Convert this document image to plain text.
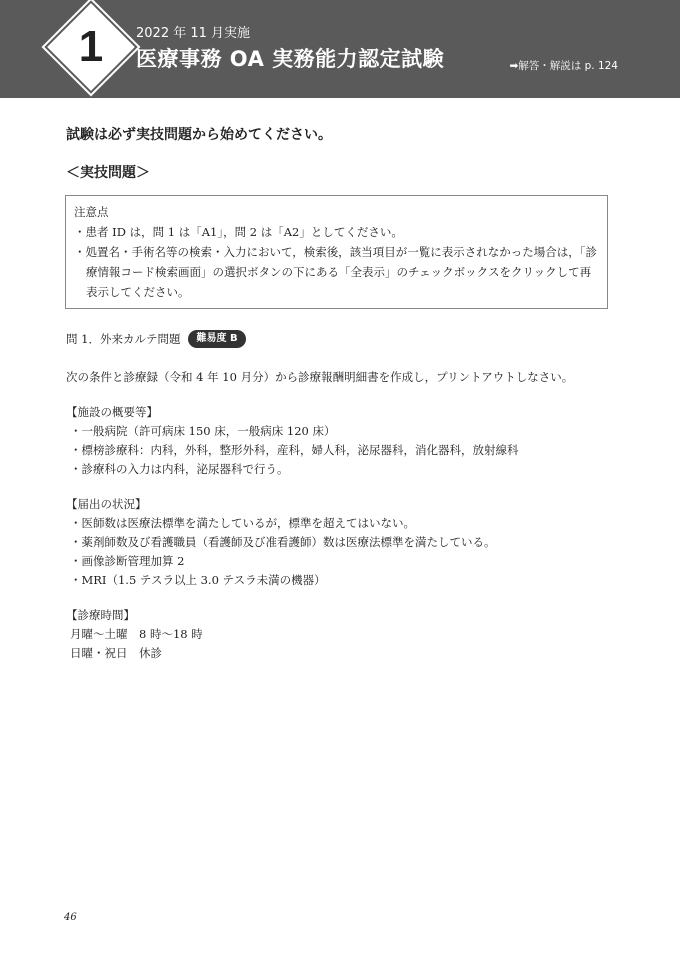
1	2022 年 11 月実施
医療事務 OA 実務能力認定試験	➡解答・解説は p. 124
試験は必ず実技問題から始めてください。
＜実技問題＞
注意点
・患者 ID は，問 1 は「A1」，問 2 は「A2」としてください。
・処置名・手術名等の検索・入力において，検索後，該当項目が一覧に表示されなかった場合は，「診療情報コード検索画面」の選択ボタンの下にある「全表示」のチェックボックスをクリックして再表示してください。
問 1．外来カルテ問題	難易度 B
次の条件と診療録（令和 4 年 10 月分）から診療報酬明細書を作成し，プリントアウトしなさい。
【施設の概要等】
・一般病院（許可病床 150 床，一般病床 120 床）
・標榜診療科：内科，外科，整形外科，産科，婦人科，泌尿器科，消化器科，放射線科
・診療科の入力は内科，泌尿器科で行う。
【届出の状況】
・医師数は医療法標準を満たしているが，標準を超えてはいない。
・薬剤師数及び看護職員（看護師及び准看護師）数は医療法標準を満たしている。
・画像診断管理加算 2
・MRI（1.5 テスラ以上 3.0 テスラ未満の機器）
【診療時間】
月曜～土曜　8 時～18 時
日曜・祝日　休診
46
